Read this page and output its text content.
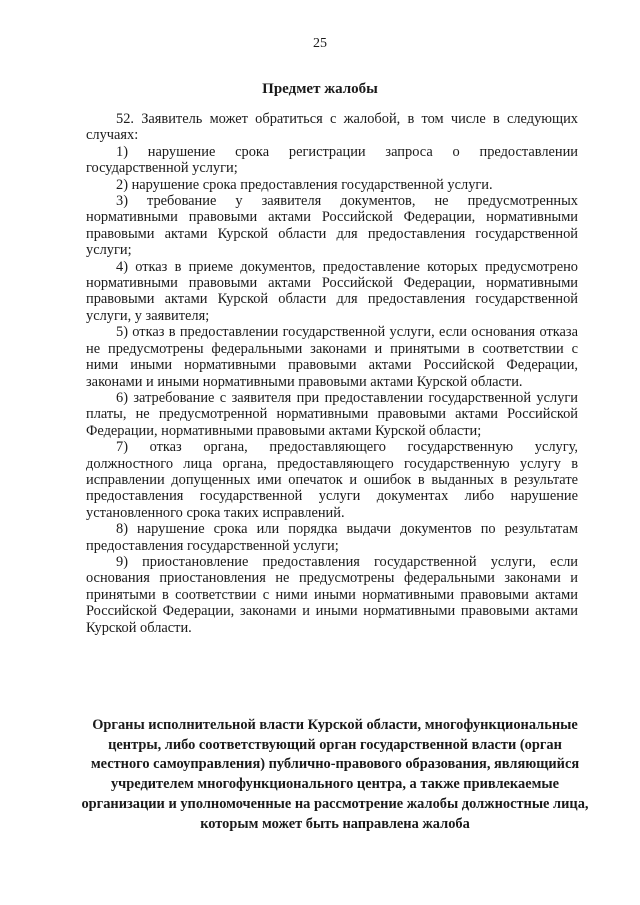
25
Предмет жалобы

52. Заявитель может обратиться с жалобой, в том числе в следующих случаях:

1) нарушение срока регистрации запроса о предоставлении государственной услуги;

2) нарушение срока предоставления государственной услуги.

3) требование у заявителя документов, не предусмотренных нормативными правовыми актами Российской Федерации, нормативными правовыми актами Курской области для предоставления государственной услуги;

4) отказ в приеме документов, предоставление которых предусмотрено нормативными правовыми актами Российской Федерации, нормативными правовыми актами Курской области для предоставления государственной услуги, у заявителя;

5) отказ в предоставлении государственной услуги, если основания отказа не предусмотрены федеральными законами и принятыми в соответствии с ними иными нормативными правовыми актами Российской Федерации, законами и иными нормативными правовыми актами Курской области.

6) затребование с заявителя при предоставлении государственной услуги платы, не предусмотренной нормативными правовыми актами Российской Федерации, нормативными правовыми актами Курской области;

7) отказ органа, предоставляющего государственную услугу, должностного лица органа, предоставляющего государственную услугу в исправлении допущенных ими опечаток и ошибок в выданных в результате предоставления государственной услуги документах либо нарушение установленного срока таких исправлений.

8) нарушение срока или порядка выдачи документов по результатам предоставления государственной услуги;

9) приостановление предоставления государственной услуги, если основания приостановления не предусмотрены федеральными законами и принятыми в соответствии с ними иными нормативными правовыми актами Российской Федерации, законами и иными нормативными правовыми актами Курской области.

Органы исполнительной власти Курской области, многофункциональные центры, либо соответствующий орган государственной власти (орган местного самоуправления) публично-правового образования, являющийся учредителем многофункционального центра, а также привлекаемые организации и уполномоченные на рассмотрение жалобы должностные лица, которым может быть направлена жалоба
